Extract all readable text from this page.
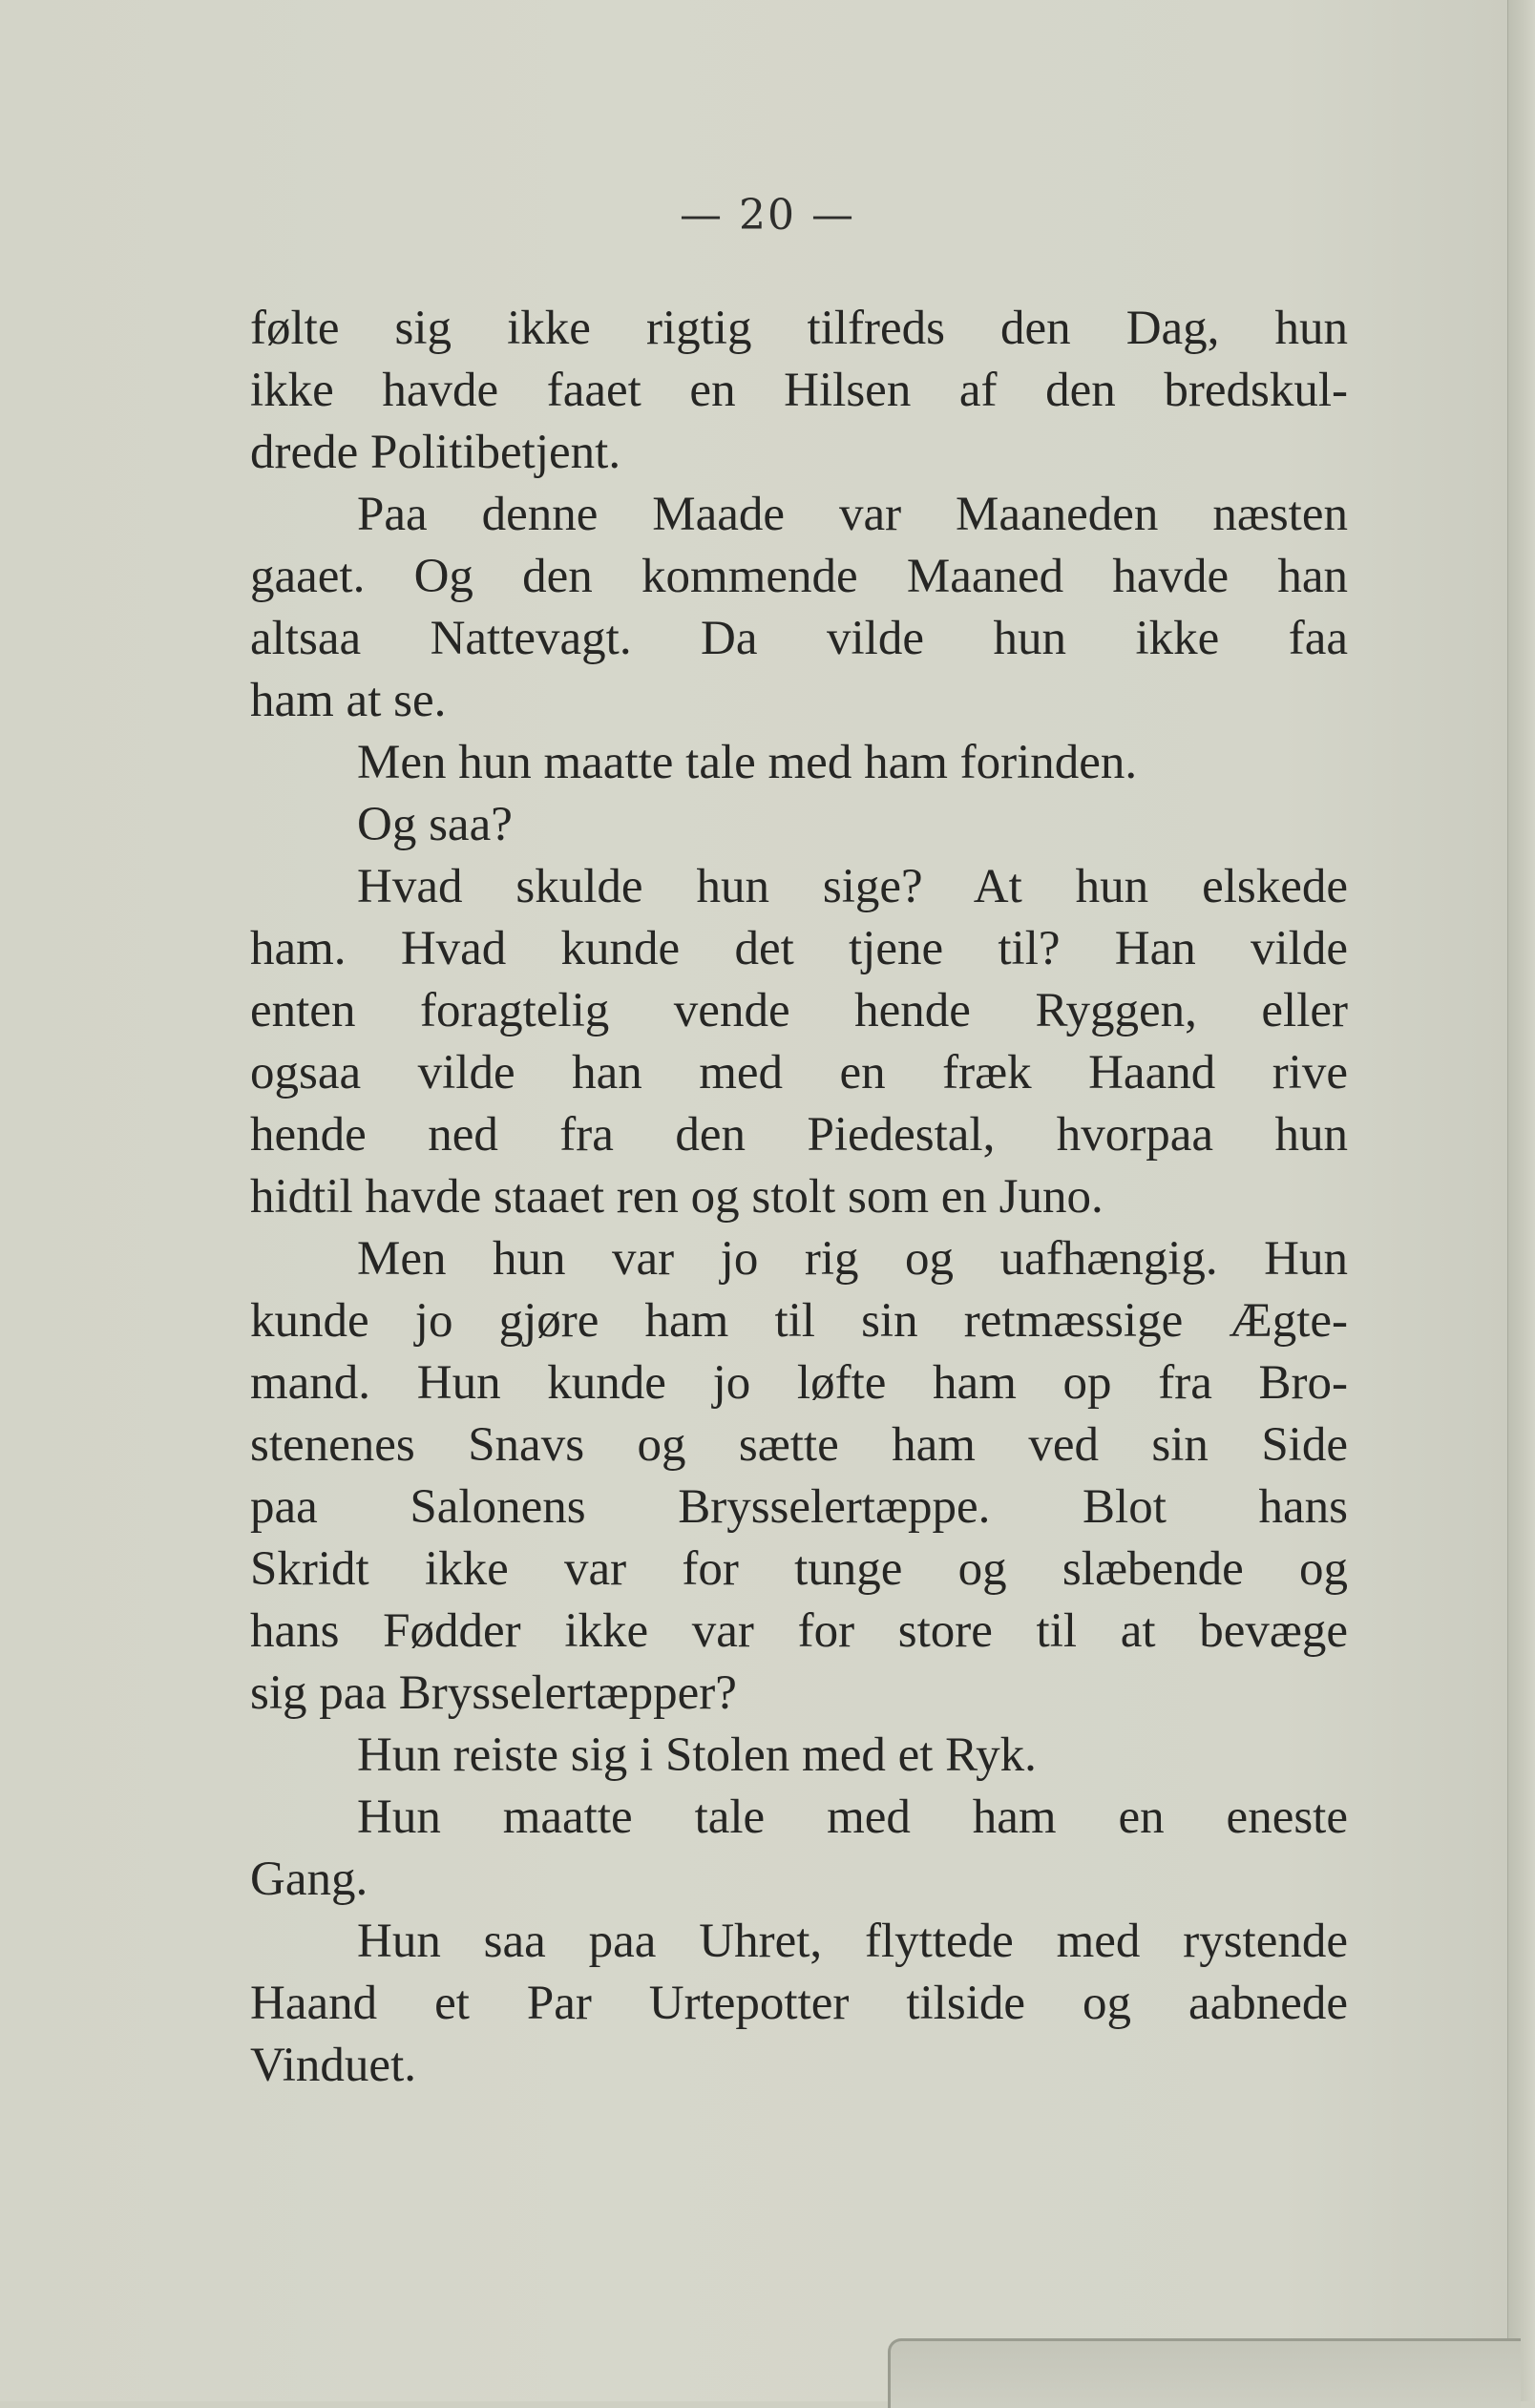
— 20 —
følte sig ikke rigtig tilfreds den Dag, hun
ikke havde faaet en Hilsen af den bredskul-
drede Politibetjent.
Paa denne Maade var Maaneden næsten
gaaet. Og den kommende Maaned havde han
altsaa Nattevagt. Da vilde hun ikke faa
ham at se.
Men hun maatte tale med ham forinden.
Og saa?
Hvad skulde hun sige? At hun elskede
ham. Hvad kunde det tjene til? Han vilde
enten foragtelig vende hende Ryggen, eller
ogsaa vilde han med en fræk Haand rive
hende ned fra den Piedestal, hvorpaa hun
hidtil havde staaet ren og stolt som en Juno.
Men hun var jo rig og uafhængig. Hun
kunde jo gjøre ham til sin retmæssige Ægte-
mand. Hun kunde jo løfte ham op fra Bro-
stenenes Snavs og sætte ham ved sin Side
paa Salonens Brysselertæppe. Blot hans
Skridt ikke var for tunge og slæbende og
hans Fødder ikke var for store til at bevæge
sig paa Brysselertæpper?
Hun reiste sig i Stolen med et Ryk.
Hun maatte tale med ham en eneste
Gang.
Hun saa paa Uhret, flyttede med rystende
Haand et Par Urtepotter tilside og aabnede
Vinduet.
